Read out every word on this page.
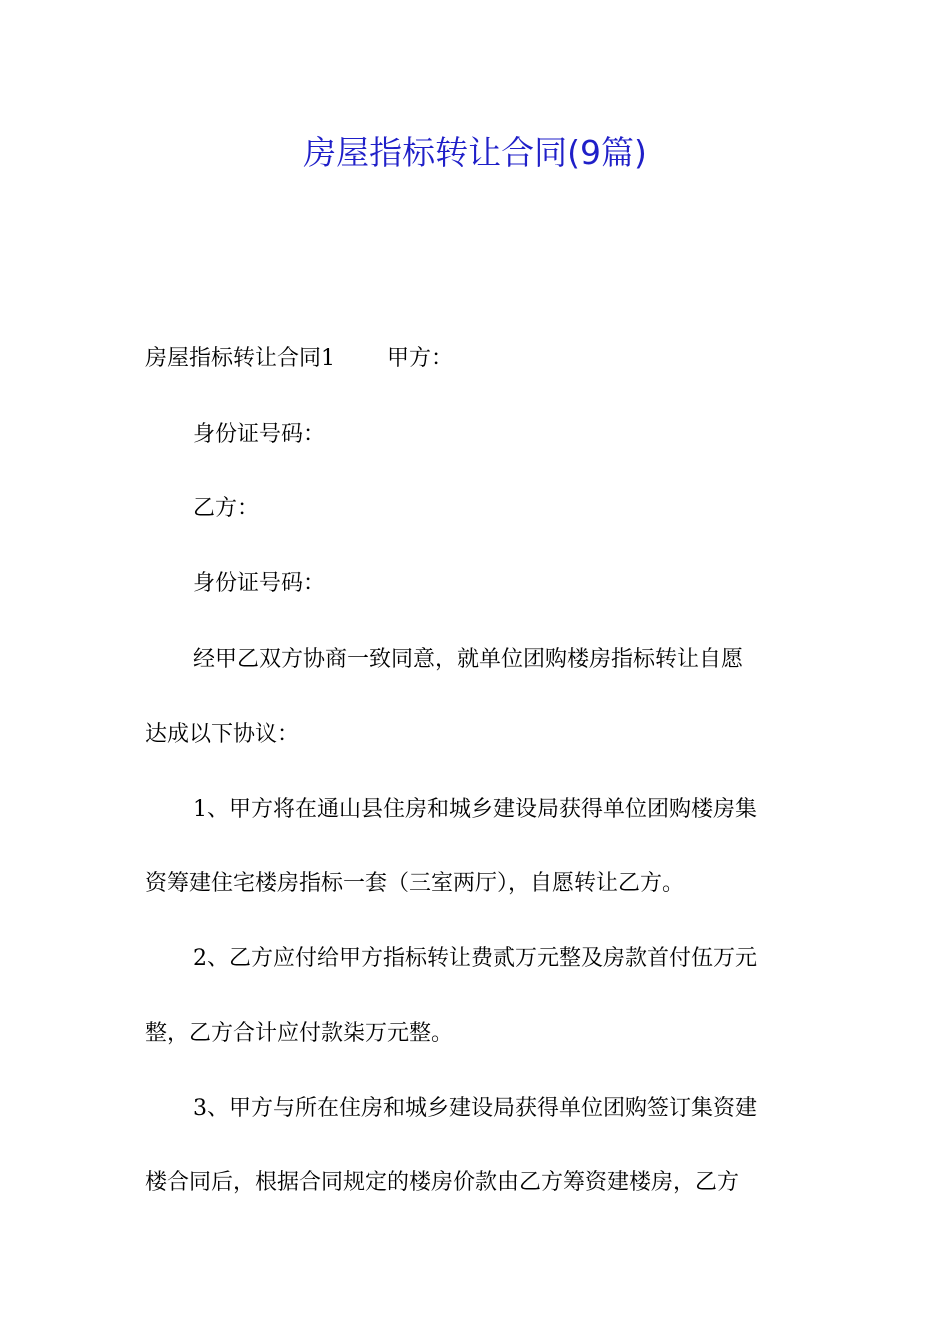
房屋指标转让合同(9篇)
房屋指标转让合同1 甲方：
身份证号码：
乙方：
身份证号码：
经甲乙双方协商一致同意，就单位团购楼房指标转让自愿
达成以下协议：
1、甲方将在通山县住房和城乡建设局获得单位团购楼房集
资筹建住宅楼房指标一套（三室两厅），自愿转让乙方。
2、乙方应付给甲方指标转让费贰万元整及房款首付伍万元
整，乙方合计应付款柒万元整。
3、甲方与所在住房和城乡建设局获得单位团购签订集资建
楼合同后，根据合同规定的楼房价款由乙方筹资建楼房，乙方
